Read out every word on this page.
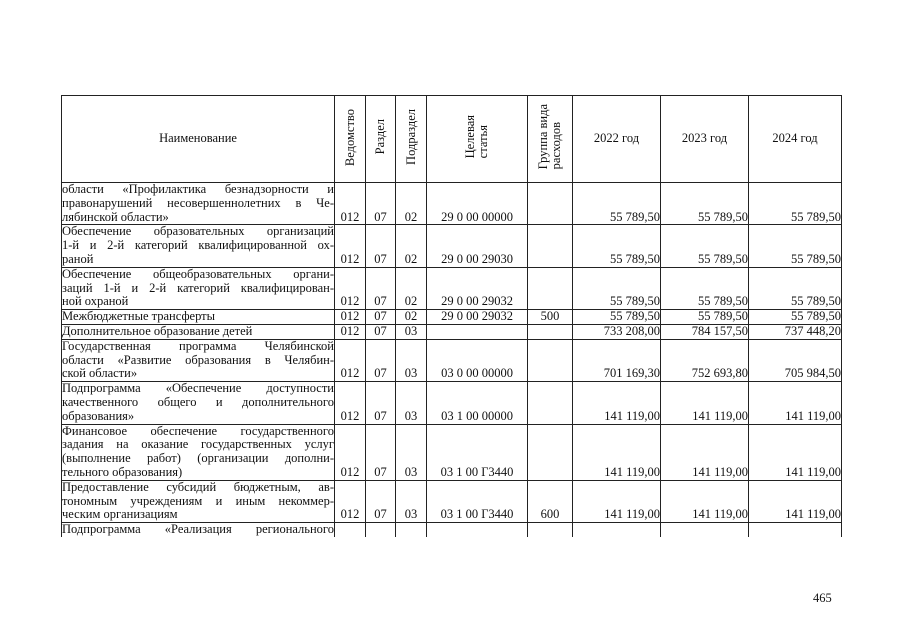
Наименование	Ведомство	Раздел	Подраздел	Целеваястатья	Группа видарасходов	2022 год	2023 год	2024 год

области «Профилактика безнадзорности и
правонарушений несовершеннолетних в Че-
лябинской области»	012	07	02	29 0 00 00000		55 789,50	55 789,50	55 789,50

Обеспечение образовательных организаций
1-й и 2-й категорий квалифицированной ох-
раной	012	07	02	29 0 00 29030		55 789,50	55 789,50	55 789,50

Обеспечение общеобразовательных органи-
заций 1-й и 2-й категорий квалифицирован-
ной охраной	012	07	02	29 0 00 29032		55 789,50	55 789,50	55 789,50

Межбюджетные трансферты	012	07	02	29 0 00 29032	500	55 789,50	55 789,50	55 789,50

Дополнительное образование детей	012	07	03			733 208,00	784 157,50	737 448,20

Государственная программа Челябинской
области «Развитие образования в Челябин-
ской области»	012	07	03	03 0 00 00000		701 169,30	752 693,80	705 984,50

Подпрограмма «Обеспечение доступности
качественного общего и дополнительного
образования»	012	07	03	03 1 00 00000		141 119,00	141 119,00	141 119,00

Финансовое обеспечение государственного
задания на оказание государственных услуг
(выполнение работ) (организации дополни-
тельного образования)	012	07	03	03 1 00 Г3440		141 119,00	141 119,00	141 119,00

Предоставление субсидий бюджетным, ав-
тономным учреждениям и иным некоммер-
ческим организациям	012	07	03	03 1 00 Г3440	600	141 119,00	141 119,00	141 119,00

Подпрограмма «Реализация регионального								

465
